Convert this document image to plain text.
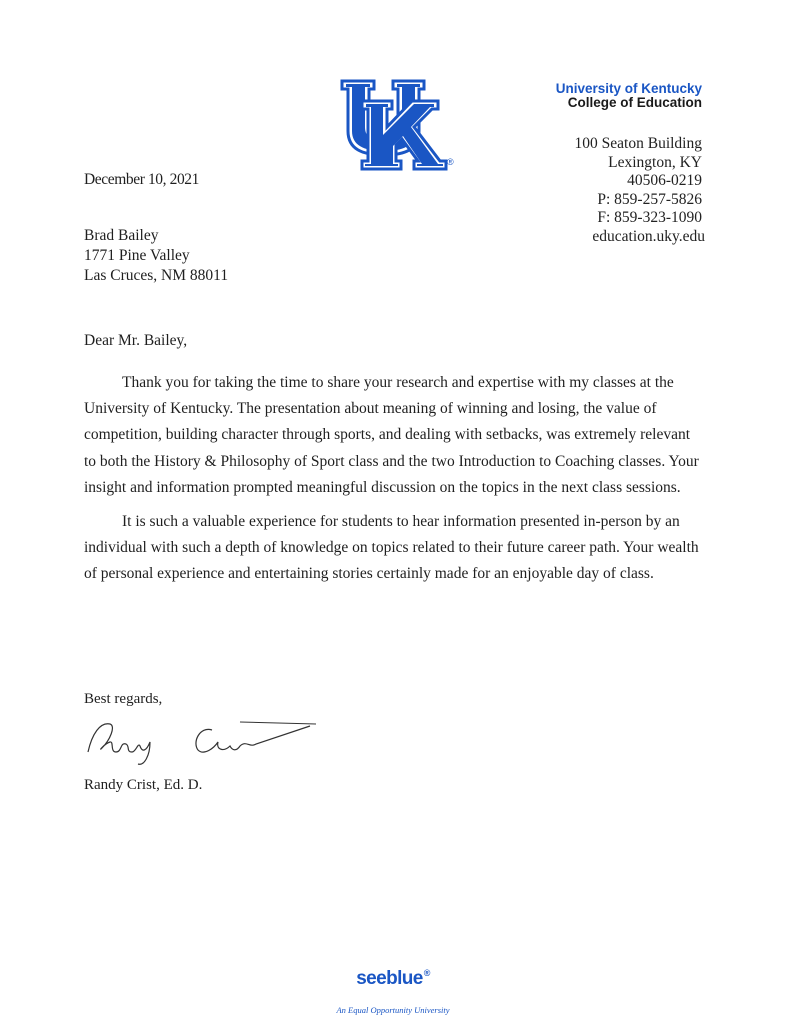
®
University of Kentucky
College of Education
100 Seaton Building
Lexington, KY
40506-0219
P: 859-257-5826
F: 859-323-1090
education.uky.edu
December 10, 2021
Brad Bailey
1771 Pine Valley
Las Cruces, NM 88011
Dear Mr. Bailey,

Thank you for taking the time to share your research and expertise with my classes at the University of Kentucky. The presentation about meaning of winning and losing, the value of competition, building character through sports, and dealing with setbacks, was extremely relevant to both the History & Philosophy of Sport class and the two Introduction to Coaching classes. Your insight and information prompted meaningful discussion on the topics in the next class sessions.

It is such a valuable experience for students to hear information presented in-person by an individual with such a depth of knowledge on topics related to their future career path. Your wealth of personal experience and entertaining stories certainly made for an enjoyable day of class.

Best regards,
Randy Crist, Ed. D.
seeblue®
An Equal Opportunity University
